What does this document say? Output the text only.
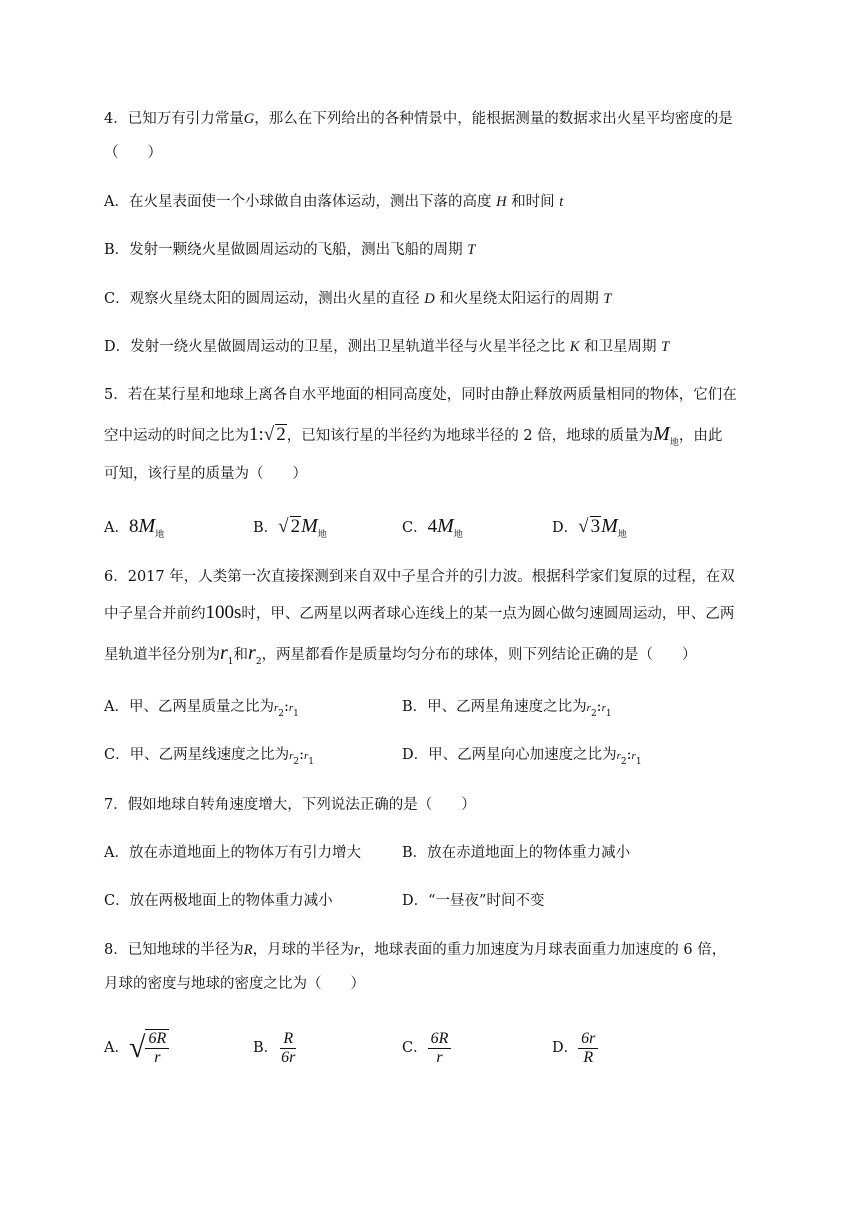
4．已知万有引力常量G，那么在下列给出的各种情景中，能根据测量的数据求出火星平均密度的是
（　　）
A．在火星表面使一个小球做自由落体运动，测出下落的高度 H 和时间 t
B．发射一颗绕火星做圆周运动的飞船，测出飞船的周期 T
C．观察火星绕太阳的圆周运动，测出火星的直径 D 和火星绕太阳运行的周期 T
D．发射一绕火星做圆周运动的卫星，测出卫星轨道半径与火星半径之比 K 和卫星周期 T
5．若在某行星和地球上离各自水平地面的相同高度处，同时由静止释放两质量相同的物体，它们在
空中运动的时间之比为1:√ 2，已知该行星的半径约为地球半径的 2 倍，地球的质量为$M_地$，由此
可知，该行星的质量为（　　）
A．$8M_地$	B．√ $2M_地$	C．$4M_地$	D．√ $3M_地$
6．2017 年，人类第一次直接探测到来自双中子星合并的引力波。根据科学家们复原的过程，在双
中子星合并前约100s时，甲、乙两星以两者球心连线上的某一点为圆心做匀速圆周运动，甲、乙两
星轨道半径分别为$r_1$和$r_2$，两星都看作是质量均匀分布的球体，则下列结论正确的是（　　）
A．甲、乙两星质量之比为$r_2:r_1$	B．甲、乙两星角速度之比为$r_2:r_1$
C．甲、乙两星线速度之比为$r_2:r_1$	D．甲、乙两星向心加速度之比为$r_2:r_1$
7．假如地球自转角速度增大，下列说法正确的是（　　）
A．放在赤道地面上的物体万有引力增大	B．放在赤道地面上的物体重力减小
C．放在两极地面上的物体重力减小	D．“一昼夜”时间不变
8．已知地球的半径为R，月球的半径为r，地球表面的重力加速度为月球表面重力加速度的 6 倍，
月球的密度与地球的密度之比为（　　）
A．√ $\frac{6R}{r}$	B． $\frac{R}{6r}$	C． $\frac{6R}{r}$	D． $\frac{6r}{R}$
